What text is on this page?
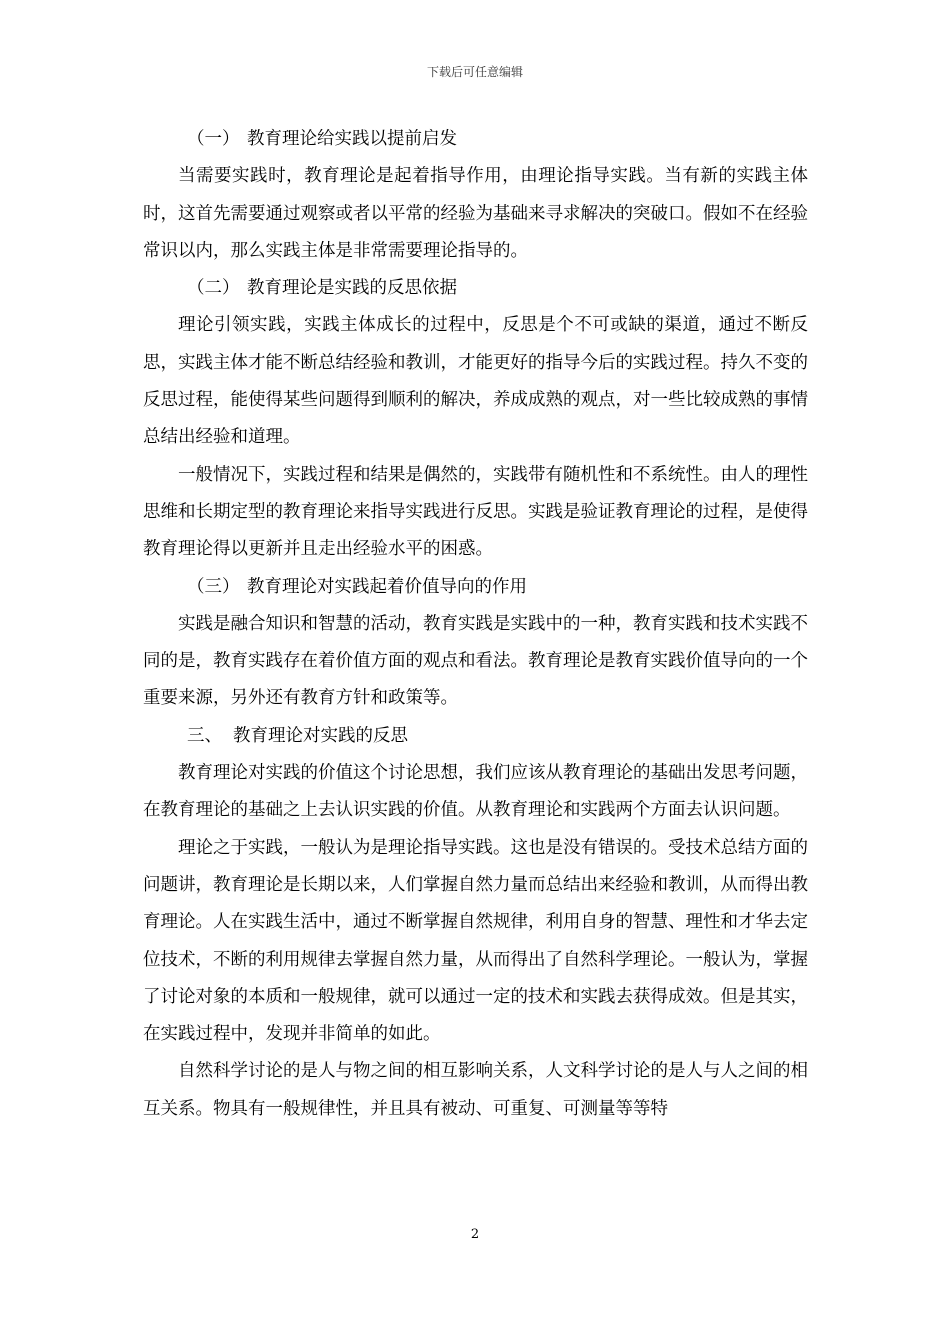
下载后可任意编辑

（一） 教育理论给实践以提前启发

当需要实践时，教育理论是起着指导作用，由理论指导实践。当有新的实践主体时，这首先需要通过观察或者以平常的经验为基础来寻求解决的突破口。假如不在经验常识以内，那么实践主体是非常需要理论指导的。

（二） 教育理论是实践的反思依据

理论引领实践，实践主体成长的过程中，反思是个不可或缺的渠道，通过不断反思，实践主体才能不断总结经验和教训，才能更好的指导今后的实践过程。持久不变的反思过程，能使得某些问题得到顺利的解决，养成成熟的观点，对一些比较成熟的事情总结出经验和道理。

一般情况下，实践过程和结果是偶然的，实践带有随机性和不系统性。由人的理性思维和长期定型的教育理论来指导实践进行反思。实践是验证教育理论的过程，是使得教育理论得以更新并且走出经验水平的困惑。

（三） 教育理论对实践起着价值导向的作用

实践是融合知识和智慧的活动，教育实践是实践中的一种，教育实践和技术实践不同的是，教育实践存在着价值方面的观点和看法。教育理论是教育实践价值导向的一个重要来源，另外还有教育方针和政策等。

三、 教育理论对实践的反思

教育理论对实践的价值这个讨论思想，我们应该从教育理论的基础出发思考问题，在教育理论的基础之上去认识实践的价值。从教育理论和实践两个方面去认识问题。

理论之于实践，一般认为是理论指导实践。这也是没有错误的。受技术总结方面的问题讲，教育理论是长期以来，人们掌握自然力量而总结出来经验和教训，从而得出教育理论。人在实践生活中，通过不断掌握自然规律，利用自身的智慧、理性和才华去定位技术，不断的利用规律去掌握自然力量，从而得出了自然科学理论。一般认为，掌握了讨论对象的本质和一般规律，就可以通过一定的技术和实践去获得成效。但是其实，在实践过程中，发现并非简单的如此。

自然科学讨论的是人与物之间的相互影响关系，人文科学讨论的是人与人之间的相互关系。物具有一般规律性，并且具有被动、可重复、可测量等等特

2
